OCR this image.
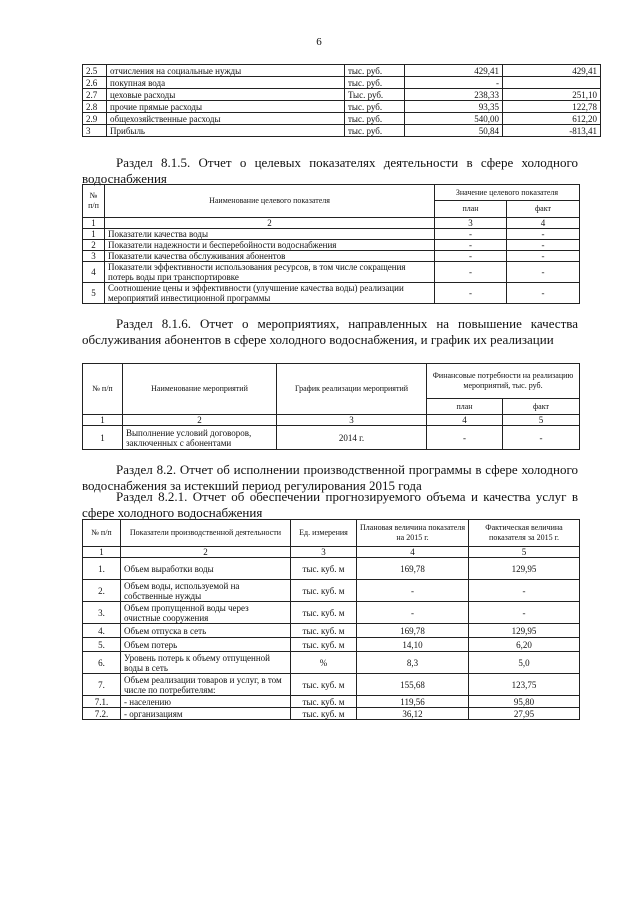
6
2.5	отчисления на социальные нужды	тыс. руб.	429,41	429,41
2.6	покупная вода	тыс. руб.	-	
2.7	цеховые расходы	Тыс. руб.	238,33	251,10
2.8	прочие прямые расходы	тыс. руб.	93,35	122,78
2.9	общехозяйственные расходы	тыс. руб.	540,00	612,20
3	Прибыль	тыс. руб.	50,84	-813,41
Раздел 8.1.5. Отчет о целевых показателях деятельности в сфере холодного водоснабжения
№ п/п	Наименование целевого показателя	Значение целевого показателя	
		план	факт
1	2	3	4
1	Показатели качества воды	-	-
2	Показатели надежности и бесперебойности водоснабжения	-	-
3	Показатели качества обслуживания абонентов	-	-
4	Показатели эффективности использования ресурсов, в том числе сокращения потерь воды при транспортировке	-	-
5	Соотношение цены и эффективности (улучшение качества воды) реализации мероприятий инвестиционной программы	-	-
Раздел 8.1.6. Отчет о мероприятиях, направленных на повышение качества обслуживания абонентов в сфере холодного водоснабжения, и график их реализации
№ п/п	Наименование мероприятий	График реализации мероприятий	Финансовые потребности на реализацию мероприятий, тыс. руб.	
			план	факт
1	2	3	4	5
1	Выполнение условий договоров, заключенных с абонентами	2014 г.	-	-
Раздел 8.2. Отчет об исполнении производственной программы в сфере холодного водоснабжения за истекший период регулирования 2015 года
Раздел 8.2.1. Отчет об обеспечении прогнозируемого объема и качества услуг в сфере холодного водоснабжения
№ п/п	Показатели производственной деятельности	Ед. измерения	Плановая величина показателя на 2015 г.	Фактическая величина показателя за 2015 г.
1	2	3	4	5
1.	Объем выработки воды	тыс. куб. м	169,78	129,95
2.	Объем воды, используемой на собственные нужды	тыс. куб. м	-	-
3.	Объем пропущенной воды через очистные сооружения	тыс. куб. м	-	-
4.	Объем отпуска в сеть	тыс. куб. м	169,78	129,95
5.	Объем потерь	тыс. куб. м	14,10	6,20
6.	Уровень потерь к объему отпущенной воды в сеть	%	8,3	5,0
7.	Объем реализации товаров и услуг, в том числе по потребителям:	тыс. куб. м	155,68	123,75
7.1.	- населению	тыс. куб. м	119,56	95,80
7.2.	- организациям	тыс. куб. м	36,12	27,95
